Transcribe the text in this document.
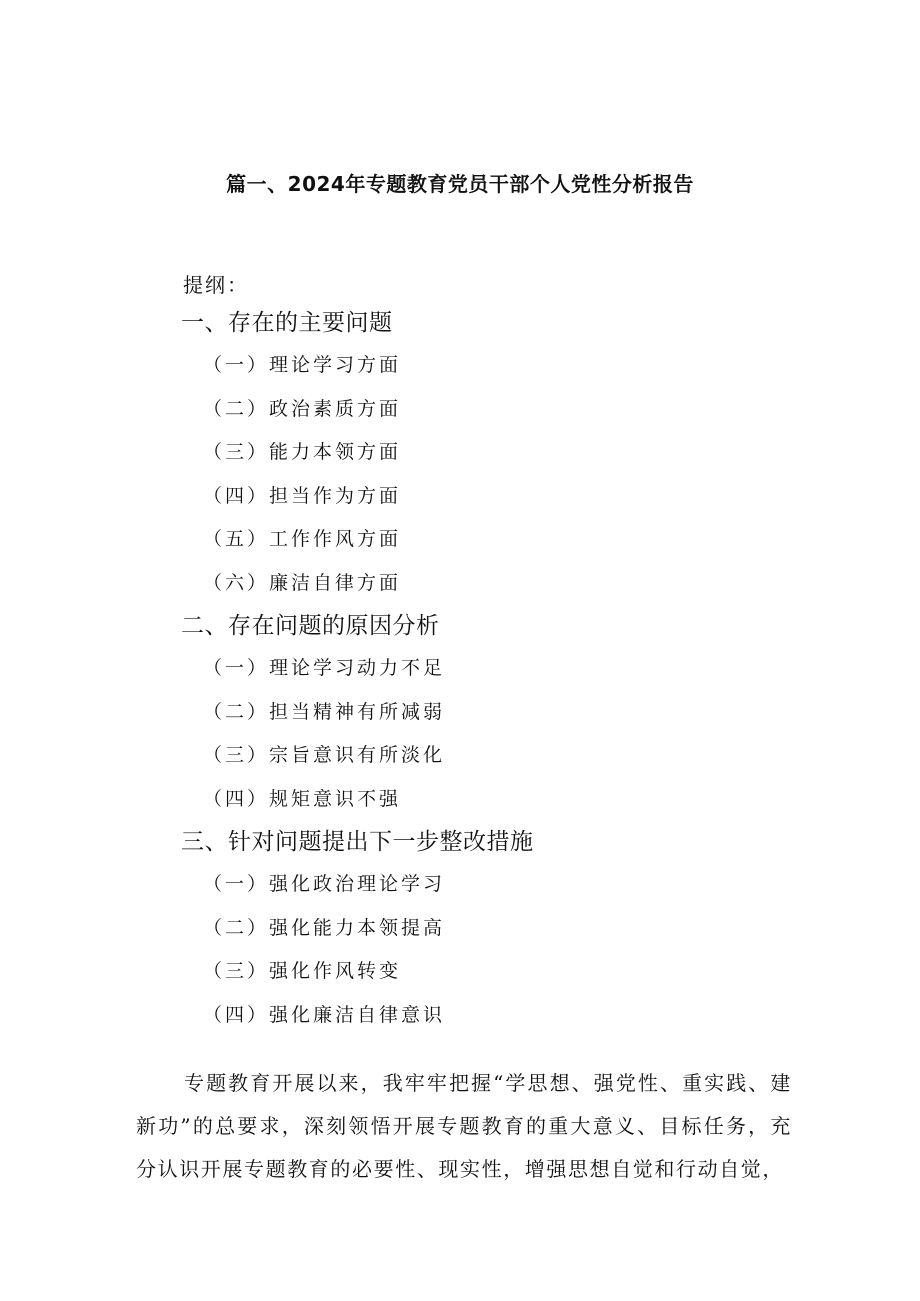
篇一、2024年专题教育党员干部个人党性分析报告
提纲：
一、存在的主要问题
（一）理论学习方面
（二）政治素质方面
（三）能力本领方面
（四）担当作为方面
（五）工作作风方面
（六）廉洁自律方面
二、存在问题的原因分析
（一）理论学习动力不足
（二）担当精神有所减弱
（三）宗旨意识有所淡化
（四）规矩意识不强
三、针对问题提出下一步整改措施
（一）强化政治理论学习
（二）强化能力本领提高
（三）强化作风转变
（四）强化廉洁自律意识

专题教育开展以来，我牢牢把握“学思想、强党性、重实践、建新功”的总要求，深刻领悟开展专题教育的重大意义、目标任务，充分认识开展专题教育的必要性、现实性，增强思想自觉和行动自觉，
